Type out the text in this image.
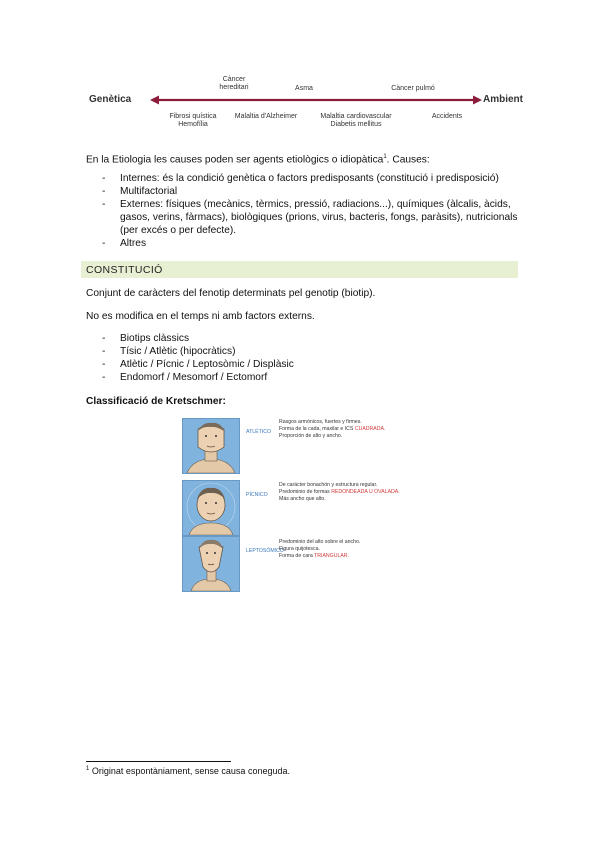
Genètica	Ambient
Càncer
hereditari	Asma	Càncer pulmó
Fibrosi quística
Hemofília
Malaltia d'Alzheimer	Malaltia cardiovascular
Diabetis mellitus
Accidents
En la Etiologia les causes poden ser agents etiològics o idiopàtica$^1$. Causes:
- Internes: és la condició genètica o factors predisposants (constitució i predisposició)
- Multifactorial
- Externes: físiques (mecànics, tèrmics, pressió, radiacions...), químiques (àlcalis, àcids, gasos, verins, fàrmacs), biològiques (prions, virus, bacteris, fongs, paràsits), nutricionals (per excés o per defecte).
- Altres
CONSTITUCIÓ
Conjunt de caràcters del fenotip determinats pel genotip (biotip).
No es modifica en el temps ni amb factors externs.
- Biotips clàssics
- Tísic / Atlètic (hipocràtics)
- Atlètic / Pícnic / Leptosòmic / Displàsic
- Endomorf / Mesomorf / Ectomorf
Classificació de Kretschmer:
ATLÉTICO
Rasgos armónicos, fuertes y firmes.
Forma de la cada, maxilar e ICS CUADRADA.
Proporción de alto y ancho.
PÍCNICO
De carácter bonachón y estructura regular.
Predominio de formas REDONDEADA U OVALADA.
Más ancho que alto.
LEPTOSÓMICO
Predominio del alto sobre el ancho.
Figura quijotesca.
Forma de cara TRIANGULAR.
$^1$ Originat espontàniament, sense causa coneguda.
